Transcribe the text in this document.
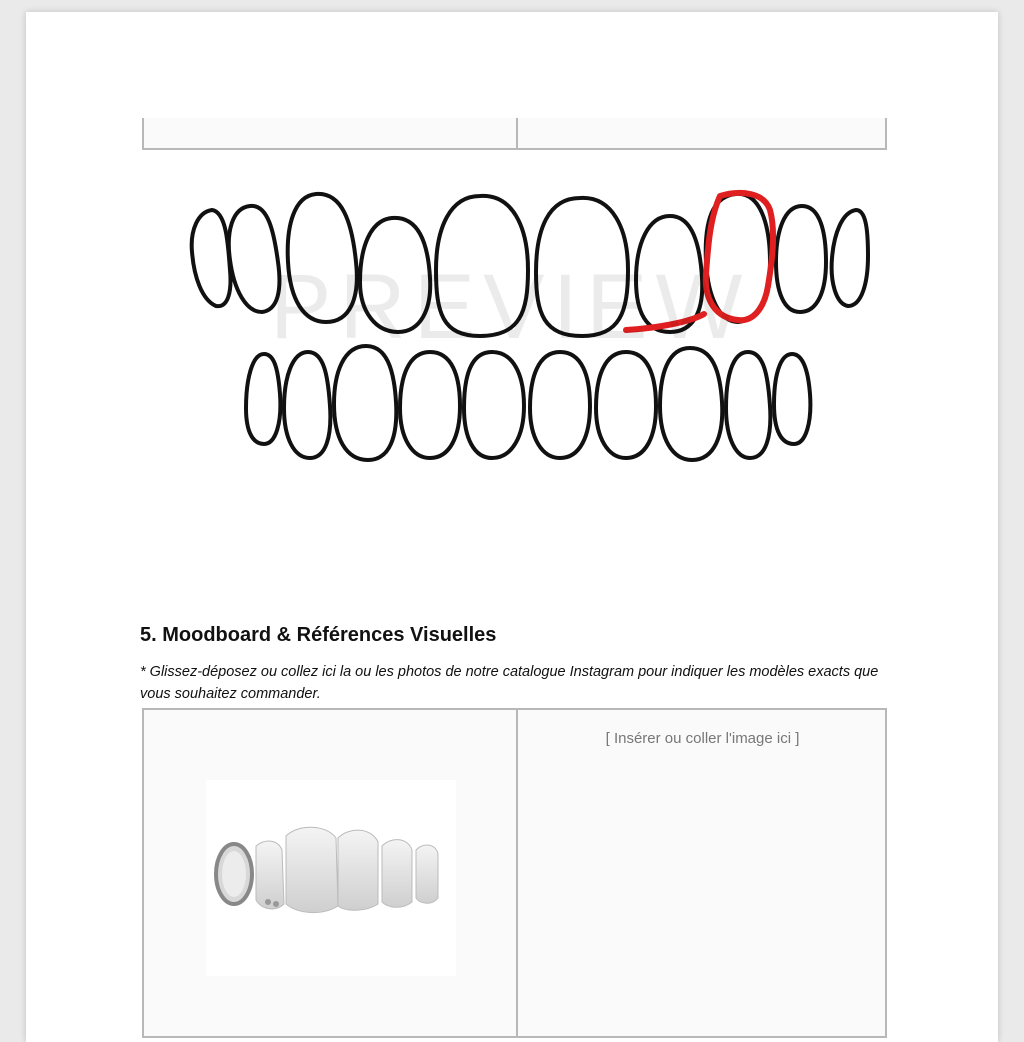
PREVIEW
5. Moodboard & Références Visuelles
* Glissez-déposez ou collez ici la ou les photos de notre catalogue Instagram pour indiquer les modèles exacts que vous souhaitez commander.
[ Insérer ou coller l'image ici ]
